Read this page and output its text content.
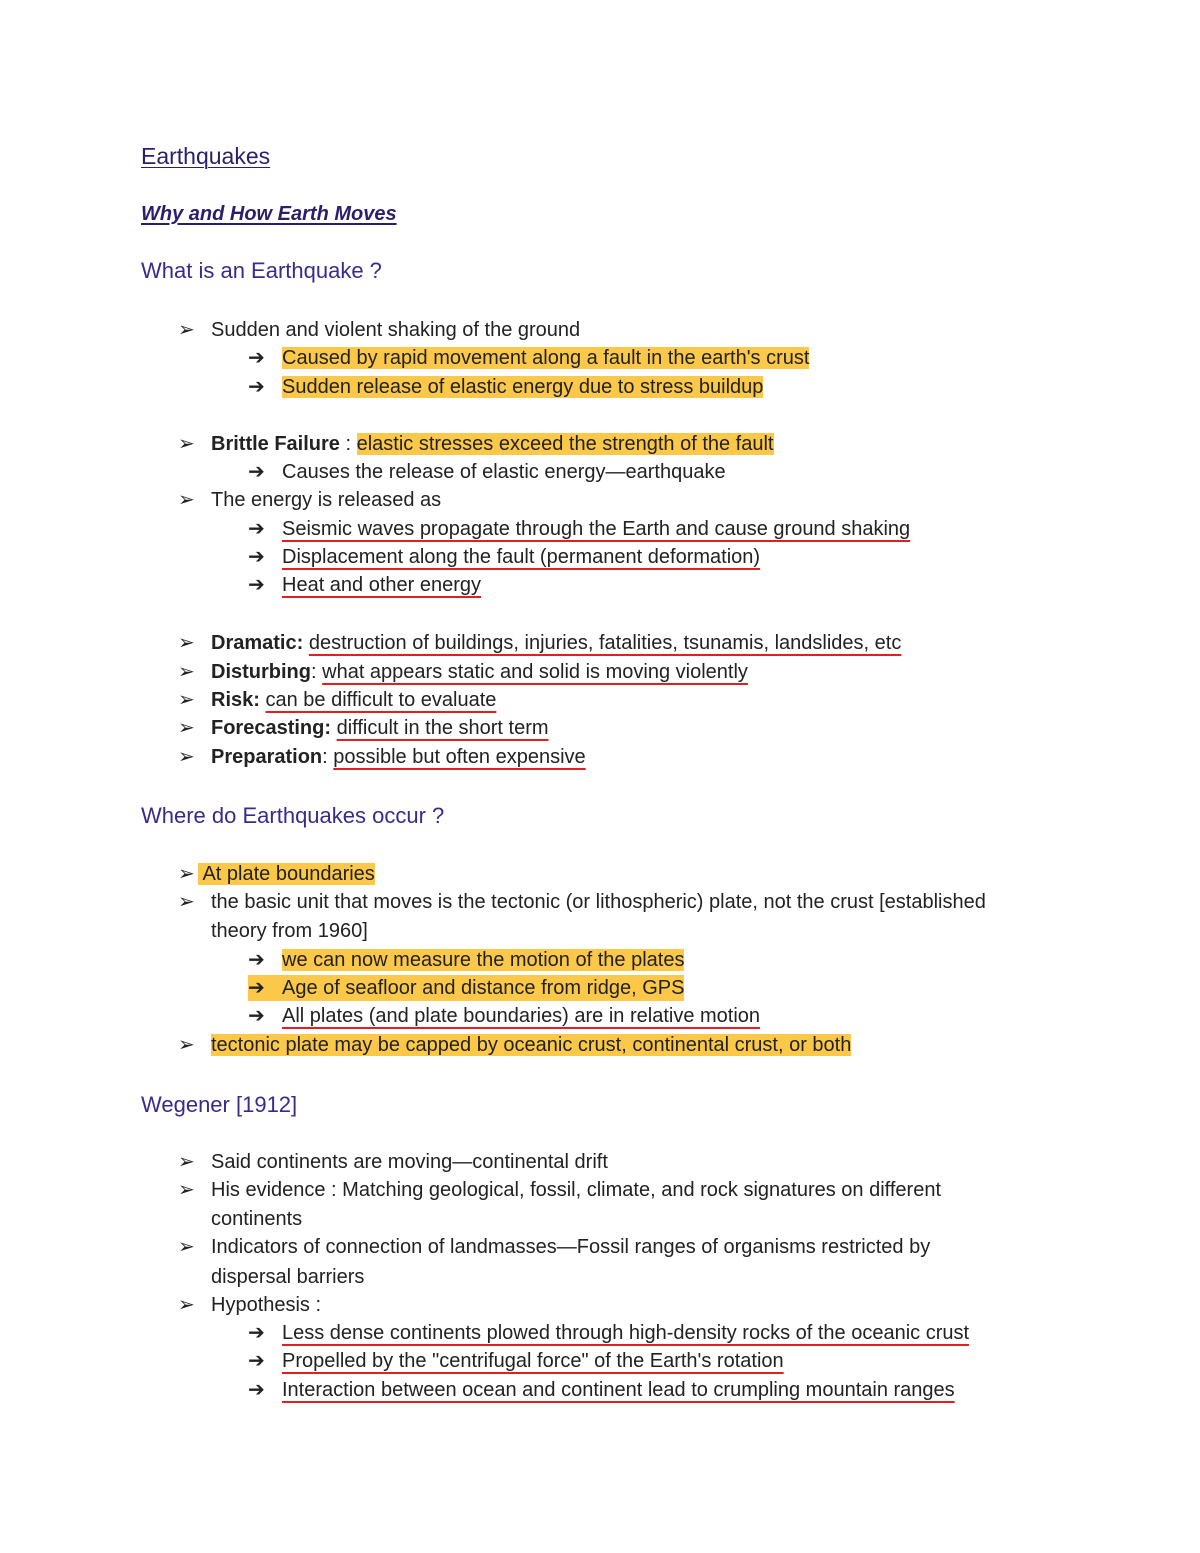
Earthquakes
Why and How Earth Moves
What is an Earthquake ?
➢ Sudden and violent shaking of the ground
➔ Caused by rapid movement along a fault in the earth's crust
➔ Sudden release of elastic energy due to stress buildup
➢ Brittle Failure : elastic stresses exceed the strength of the fault
➔ Causes the release of elastic energy—earthquake
➢ The energy is released as
➔ Seismic waves propagate through the Earth and cause ground shaking
➔ Displacement along the fault (permanent deformation)
➔ Heat and other energy
➢ Dramatic: destruction of buildings, injuries, fatalities, tsunamis, landslides, etc
➢ Disturbing: what appears static and solid is moving violently
➢ Risk: can be difficult to evaluate
➢ Forecasting: difficult in the short term
➢ Preparation: possible but often expensive
Where do Earthquakes occur ?
➢ At plate boundaries
➢ the basic unit that moves is the tectonic (or lithospheric) plate, not the crust [established
theory from 1960]
➔ we can now measure the motion of the plates
➔ Age of seafloor and distance from ridge, GPS
➔ All plates (and plate boundaries) are in relative motion
➢ tectonic plate may be capped by oceanic crust, continental crust, or both
Wegener [1912]
➢ Said continents are moving—continental drift
➢ His evidence : Matching geological, fossil, climate, and rock signatures on different
continents
➢ Indicators of connection of landmasses—Fossil ranges of organisms restricted by
dispersal barriers
➢ Hypothesis :
➔ Less dense continents plowed through high-density rocks of the oceanic crust
➔ Propelled by the "centrifugal force" of the Earth's rotation
➔ Interaction between ocean and continent lead to crumpling mountain ranges
